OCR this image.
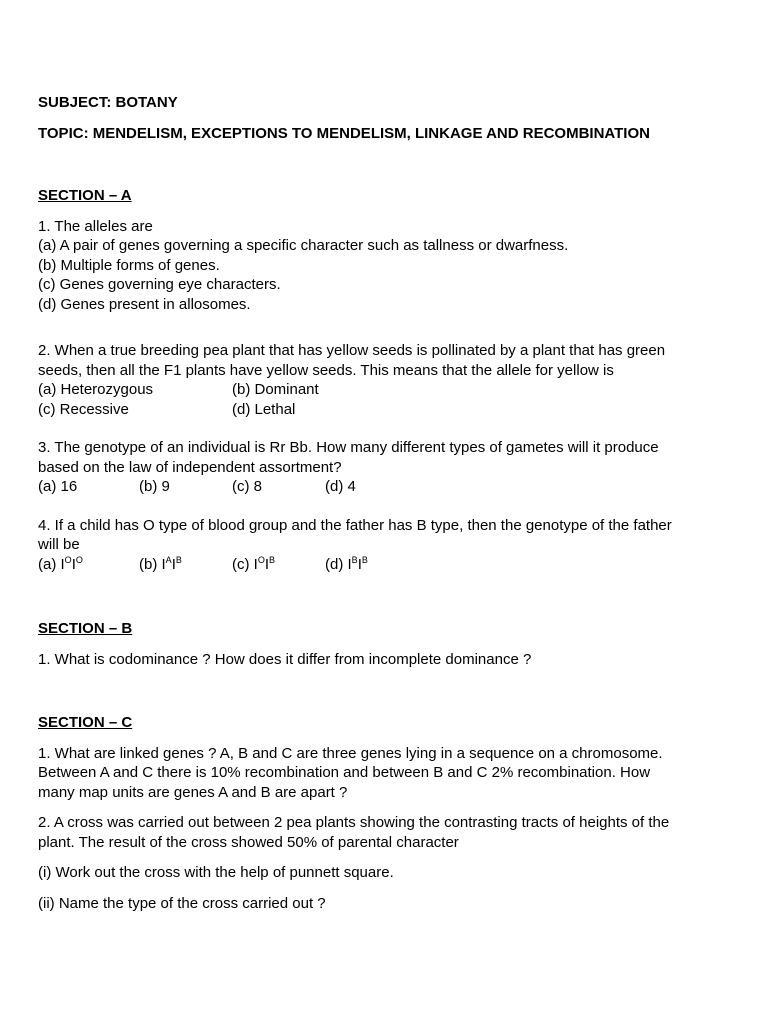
SUBJECT: BOTANY

TOPIC: MENDELISM, EXCEPTIONS TO MENDELISM, LINKAGE AND RECOMBINATION

SECTION – A

1. The alleles are

(a) A pair of genes governing a specific character such as tallness or dwarfness.

(b) Multiple forms of genes.

(c) Genes governing eye characters.

(d) Genes present in allosomes.

2. When a true breeding pea plant that has yellow seeds is pollinated by a plant that has green seeds, then all the F1 plants have yellow seeds. This means that the allele for yellow is

(a) Heterozygous	(b) Dominant
(c) Recessive	(d) Lethal

3. The genotype of an individual is Rr Bb. How many different types of gametes will it produce based on the law of independent assortment?

(a) 16	(b) 9	(c) 8	(d) 4

4. If a child has O type of blood group and the father has B type, then the genotype of the father will be

(a) $I^OI^O$	(b) $I^AI^B$	(c) $I^OI^B$	(d) $I^BI^B$

SECTION – B

1. What is codominance ? How does it differ from incomplete dominance ?

SECTION – C

1. What are linked genes ? A, B and C are three genes lying in a sequence on a chromosome. Between A and C there is 10% recombination and between B and C 2% recombination. How many map units are genes A and B are apart ?

2. A cross was carried out between 2 pea plants showing the contrasting tracts of heights of the plant. The result of the cross showed 50% of parental character

(i) Work out the cross with the help of punnett square.

(ii) Name the type of the cross carried out ?
